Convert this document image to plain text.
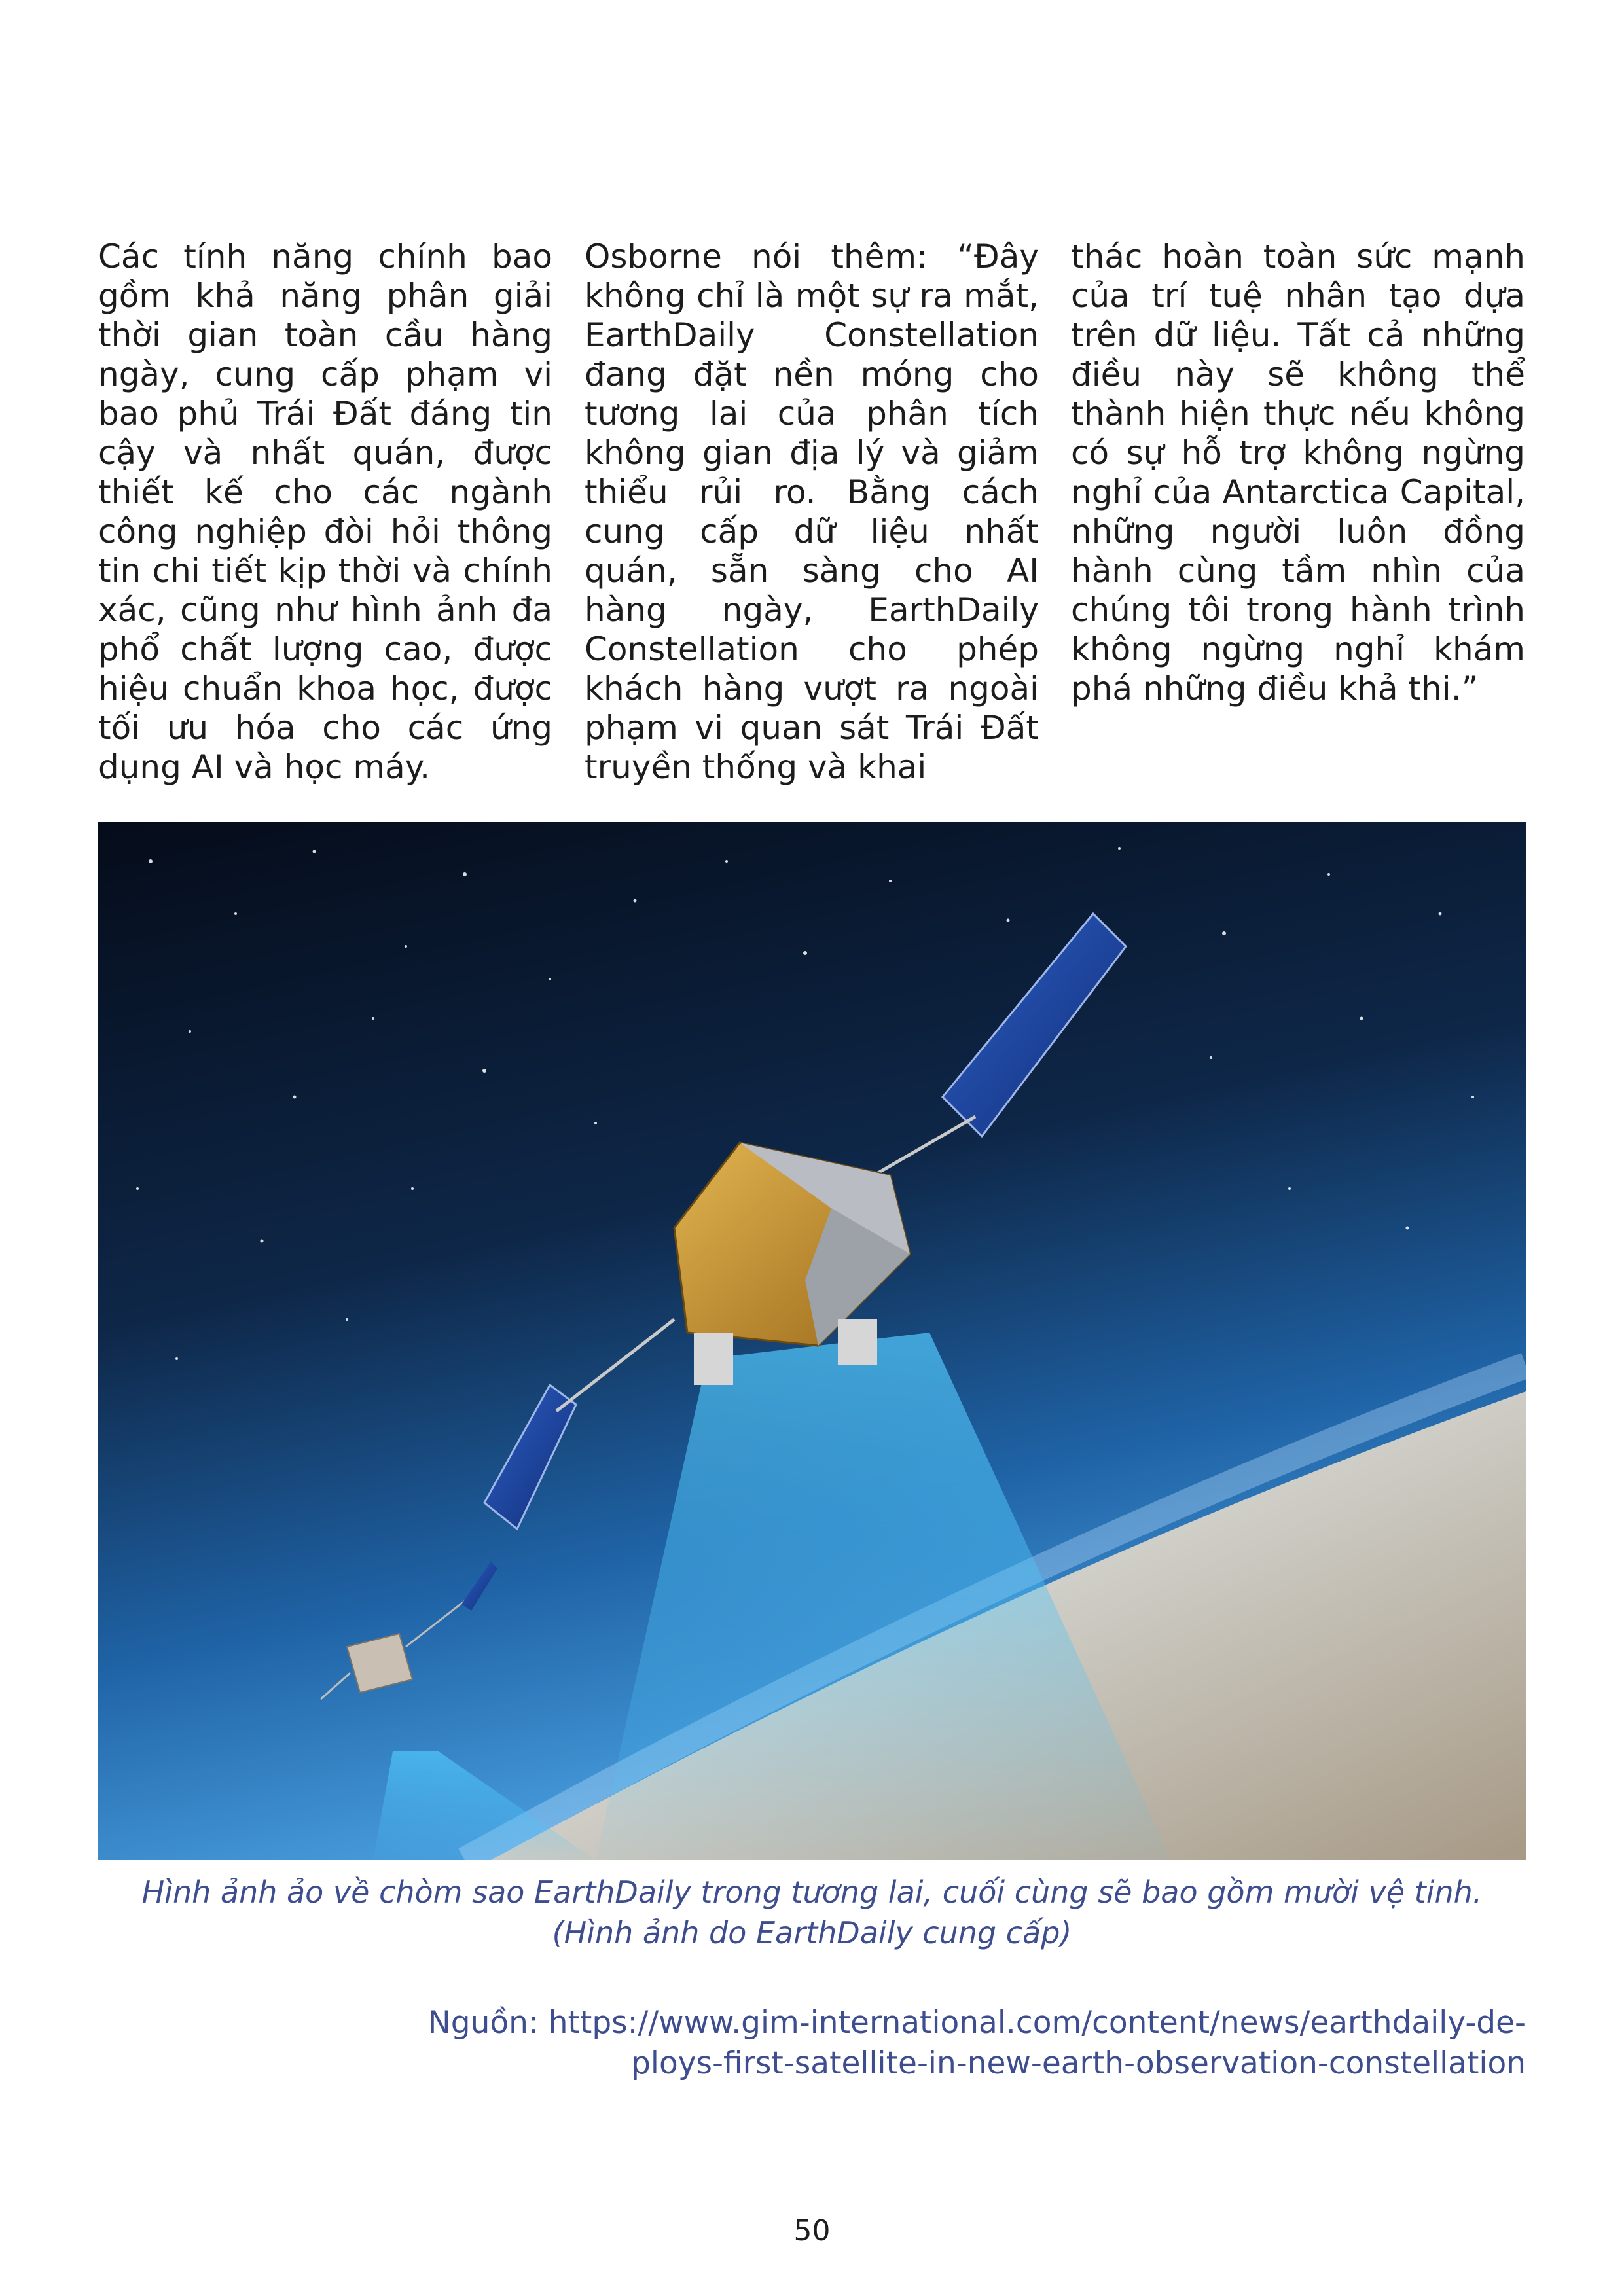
Các tính năng chính bao gồm khả năng phân giải thời gian toàn cầu hàng ngày, cung cấp phạm vi bao phủ Trái Đất đáng tin cậy và nhất quán, được thiết kế cho các ngành công nghiệp đòi hỏi thông tin chi tiết kịp thời và chính xác, cũng như hình ảnh đa phổ chất lượng cao, được hiệu chuẩn khoa học, được tối ưu hóa cho các ứng dụng AI và học máy.

Osborne nói thêm: “Đây không chỉ là một sự ra mắt, EarthDaily Constellation đang đặt nền móng cho tương lai của phân tích không gian địa lý và giảm thiểu rủi ro. Bằng cách cung cấp dữ liệu nhất quán, sẵn sàng cho AI hàng ngày, EarthDaily Constellation cho phép khách hàng vượt ra ngoài phạm vi quan sát Trái Đất truyền thống và khai

thác hoàn toàn sức mạnh của trí tuệ nhân tạo dựa trên dữ liệu. Tất cả những điều này sẽ không thể thành hiện thực nếu không có sự hỗ trợ không ngừng nghỉ của Antarctica Capital, những người luôn đồng hành cùng tầm nhìn của chúng tôi trong hành trình không ngừng nghỉ khám phá những điều khả thi.”

Hình ảnh ảo về chòm sao EarthDaily trong tương lai, cuối cùng sẽ bao gồm mười vệ tinh.
(Hình ảnh do EarthDaily cung cấp)

Nguồn: https://www.gim-international.com/content/news/earthdaily-de-
ploys-first-satellite-in-new-earth-observation-constellation

50
